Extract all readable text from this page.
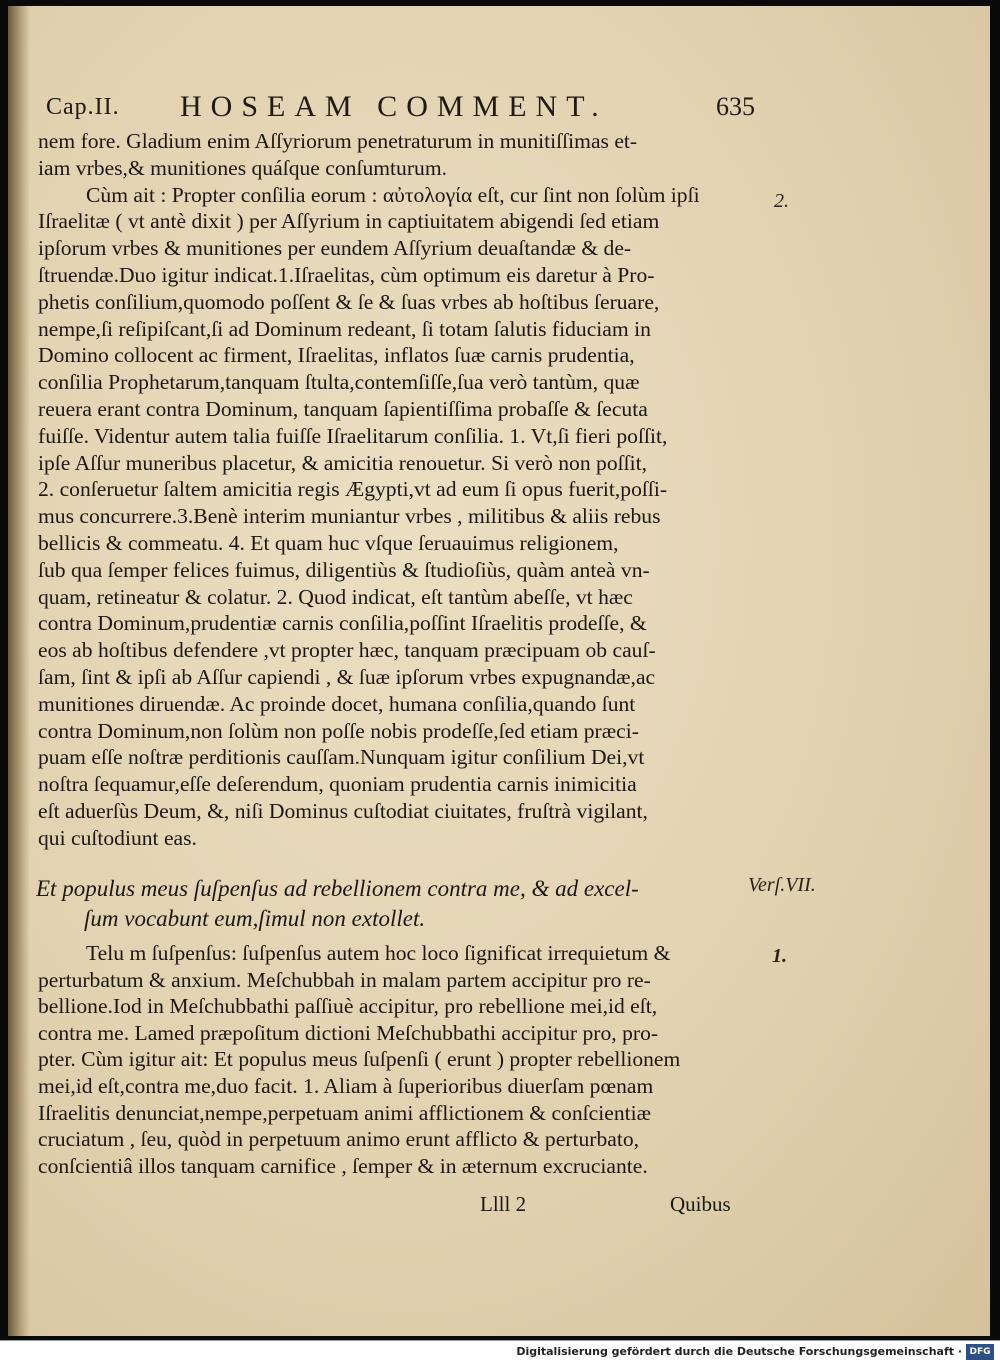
Cap.II. HOSEAM COMMENT.	635

nem fore. Gladium enim Aſſyriorum penetraturum in munitiſſimas et-
iam vrbes,& munitiones quáſque conſumturum.

Cùm ait : Propter conſilia eorum : αὐτολογία eſt, cur ſint non ſolùm ipſi
Iſraelitæ ( vt antè dixit ) per Aſſyrium in captiuitatem abigendi ſed etiam
ipſorum vrbes & munitiones per eundem Aſſyrium deuaſtandæ & de-
ſtruendæ.Duo igitur indicat.1.Iſraelitas, cùm optimum eis daretur à Pro-
phetis conſilium,quomodo poſſent & ſe & ſuas vrbes ab hoſtibus ſeruare,
nempe,ſi reſipiſcant,ſi ad Dominum redeant, ſi totam ſalutis fiduciam in
Domino collocent ac firment, Iſraelitas, inflatos ſuæ carnis prudentia,
conſilia Prophetarum,tanquam ſtulta,contemſiſſe,ſua verò tantùm, quæ
reuera erant contra Dominum, tanquam ſapientiſſima probaſſe & ſecuta
fuiſſe. Videntur autem talia fuiſſe Iſraelitarum conſilia. 1. Vt,ſi fieri poſſit,
ipſe Aſſur muneribus placetur, & amicitia renouetur. Si verò non poſſit,
2. conſeruetur ſaltem amicitia regis Ægypti,vt ad eum ſi opus fuerit,poſſi-
mus concurrere.3.Benè interim muniantur vrbes , militibus & aliis rebus
bellicis & commeatu. 4. Et quam huc vſque ſeruauimus religionem,
ſub qua ſemper felices fuimus, diligentiùs & ſtudioſiùs, quàm anteà vn-
quam, retineatur & colatur. 2. Quod indicat, eſt tantùm abeſſe, vt hæc
contra Dominum,prudentiæ carnis conſilia,poſſint Iſraelitis prodeſſe, &
eos ab hoſtibus defendere ,vt propter hæc, tanquam præcipuam ob cauſ-
ſam, ſint & ipſi ab Aſſur capiendi , & ſuæ ipſorum vrbes expugnandæ,ac
munitiones diruendæ. Ac proinde docet, humana conſilia,quando ſunt
contra Dominum,non ſolùm non poſſe nobis prodeſſe,ſed etiam præci-
puam eſſe noſtræ perditionis cauſſam.Nunquam igitur conſilium Dei,vt
noſtra ſequamur,eſſe deſerendum, quoniam prudentia carnis inimicitia
eſt aduerſùs Deum, &, niſi Dominus cuſtodiat ciuitates, fruſtrà vigilant,
qui cuſtodiunt eas.

Et populus meus ſuſpenſus ad rebellionem contra me, & ad excel-
ſum vocabunt eum,ſimul non extollet.
Telu m ſuſpenſus: ſuſpenſus autem hoc loco ſignificat irrequietum &
perturbatum & anxium. Meſchubbah in malam partem accipitur pro re-
bellione.Iod in Meſchubbathi paſſiuè accipitur, pro rebellione mei,id eſt,
contra me. Lamed præpoſitum dictioni Meſchubbathi accipitur pro, pro-
pter. Cùm igitur ait: Et populus meus ſuſpenſi ( erunt ) propter rebellionem
mei,id eſt,contra me,duo facit. 1. Aliam à ſuperioribus diuerſam pœnam
Iſraelitis denunciat,nempe,perpetuam animi afflictionem & conſcientiæ
cruciatum , ſeu, quòd in perpetuum animo erunt afflicto & perturbato,
conſcientiâ illos tanquam carnifice , ſemper & in æternum excruciante.
2.
Verſ.VII.
1.
Llll 2	Quibus
Digitalisierung gefördert durch die Deutsche Forschungsgemeinschaft · DFG
